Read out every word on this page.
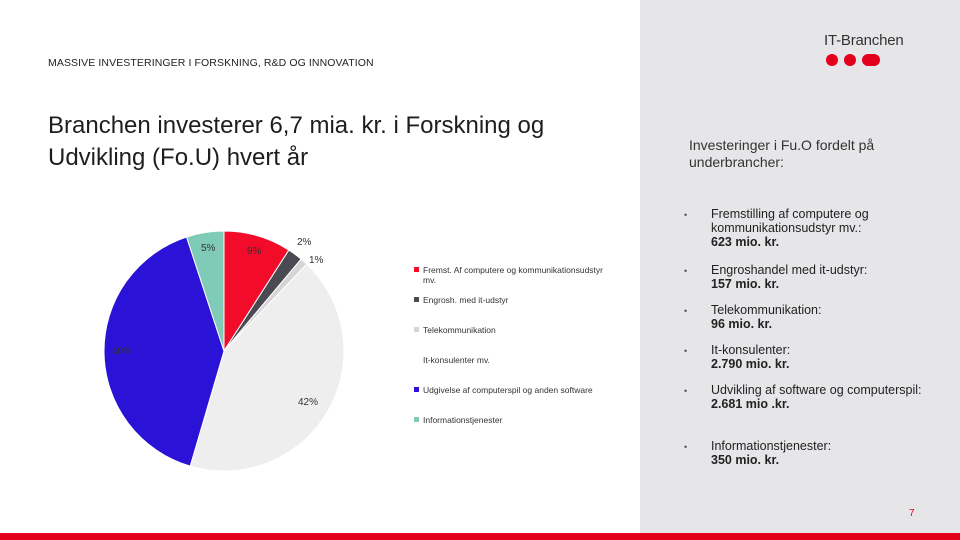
MASSIVE INVESTERINGER I FORSKNING, R&D OG INNOVATION
Branchen investerer 6,7 mia. kr. i Forskning og Udvikling (Fo.U) hvert år
IT-Branchen
5%	9%
2%
1%
40%
42%
Fremst. Af computere og kommunikationsudstyr mv.
Engrosh. med it-udstyr
Telekommunikation
It-konsulenter mv.
Udgivelse af computerspil og anden software
Informationstjenester
Investeringer i Fu.O fordelt på underbrancher:
•	Fremstilling af computere og kommunikationsudstyr mv.:
623 mio. kr.
•	Engroshandel med it-udstyr:
157 mio. kr.
•	Telekommunikation:
96 mio. kr.
•	It-konsulenter:
2.790 mio. kr.
•	Udvikling af software og computerspil:
2.681 mio .kr.
•	Informationstjenester:
350 mio. kr.
7
